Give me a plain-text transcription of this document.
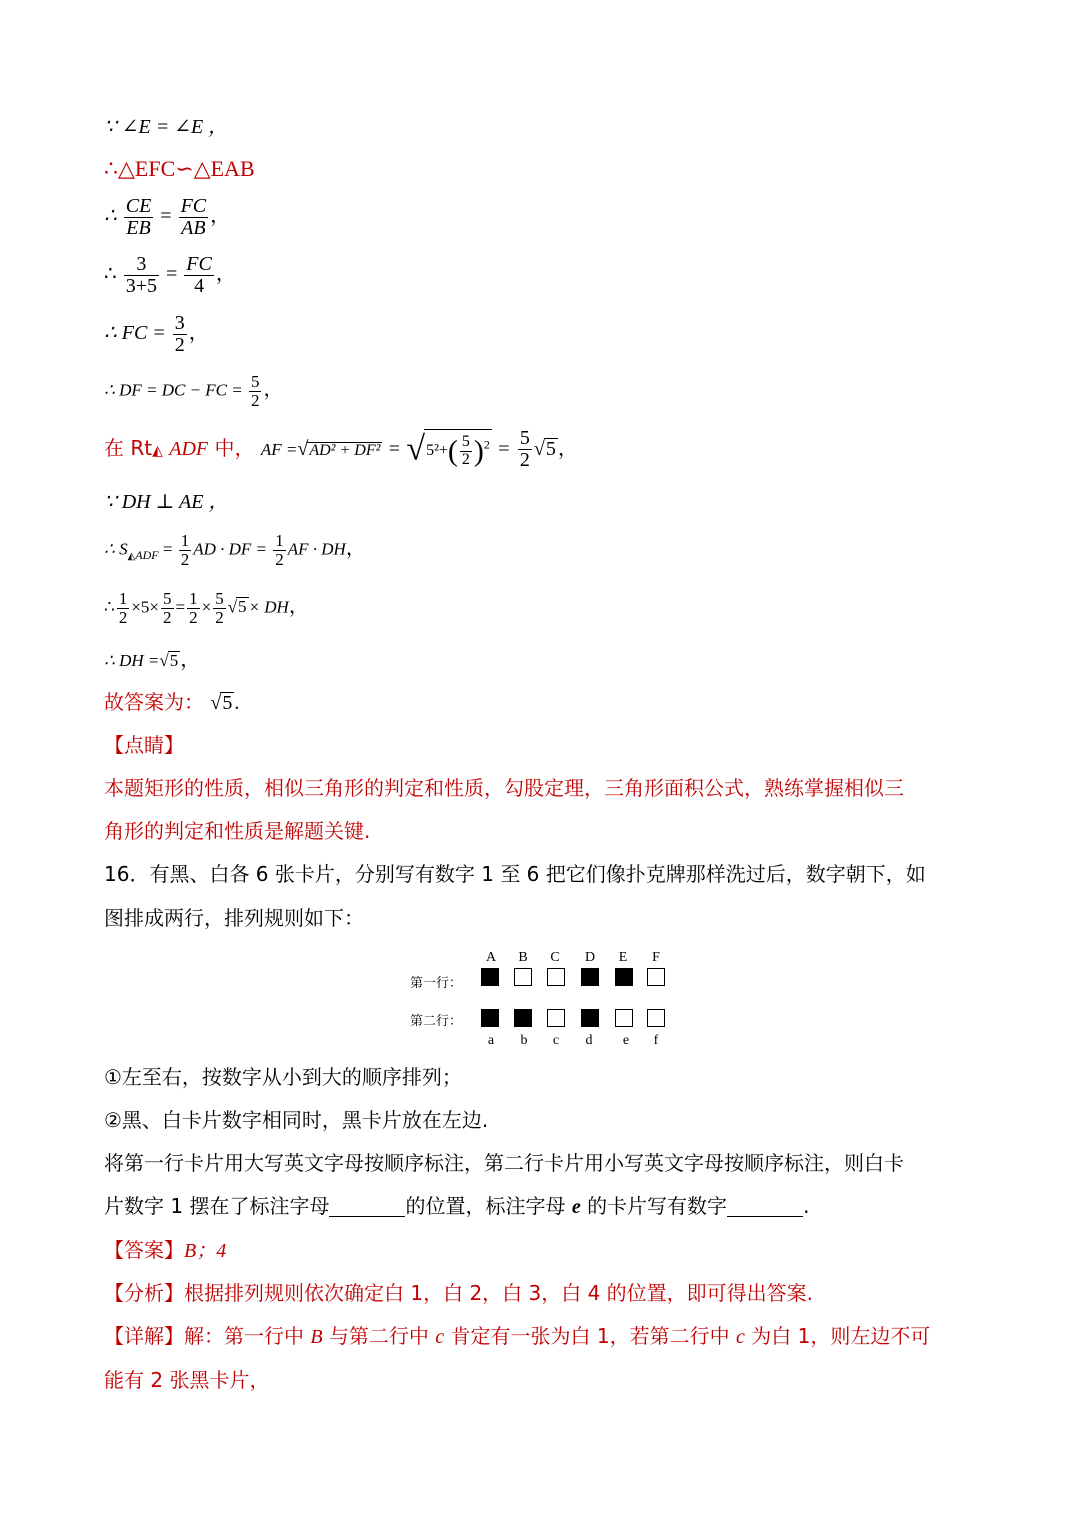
∵ ∠E = ∠E ，
∴△EFC∽△EAB
∴ $\frac{CE}{EB} = \frac{FC}{AB}$ ，
∴ $\frac{3}{3+5} = \frac{FC}{4}$ ，
∴ FC = $\frac{3}{2}$ ，
∴ DF = DC − FC = $\frac{5}{2}$ ，
在 Rt◭ ADF 中， AF $=√AD^2 + DF^2 = √5^2+( \frac{5}{2} )^2 = \frac{5}{2} √5$ ，
∵ DH ⊥ AE ，
∴ $S_{◭ADF} = \frac{1}{2}$ AD · DF = $\frac{1}{2}$ AF · DH，
∴ $\frac{1}{2} \times 5\times \frac{5}{2} = \frac{1}{2} \times \frac{5}{2} √5$ × DH，
∴ DH =√5 ，
故答案为： √5 .
【点睛】
本题矩形的性质，相似三角形的判定和性质，勾股定理，三角形面积公式，熟练掌握相似三
角形的判定和性质是解题关键.
16．有黑、白各 6 张卡片，分别写有数字 1 至 6 把它们像扑克牌那样洗过后，数字朝下，如
图排成两行，排列规则如下：
第一行：
第二行：
A	B	C	D	E	F
a	b	c	d	e	f
①左至右，按数字从小到大的顺序排列；
②黑、白卡片数字相同时，黑卡片放在左边.
将第一行卡片用大写英文字母按顺序标注，第二行卡片用小写英文字母按顺序标注，则白卡
片数字 1 摆在了标注字母	的位置，标注字母 e 的卡片写有数字	.
【答案】B；4
【分析】根据排列规则依次确定白 1，白 2，白 3，白 4 的位置，即可得出答案.
【详解】解：第一行中 B 与第二行中 c 肯定有一张为白 1，若第二行中 c 为白 1，则左边不可
能有 2 张黑卡片，
